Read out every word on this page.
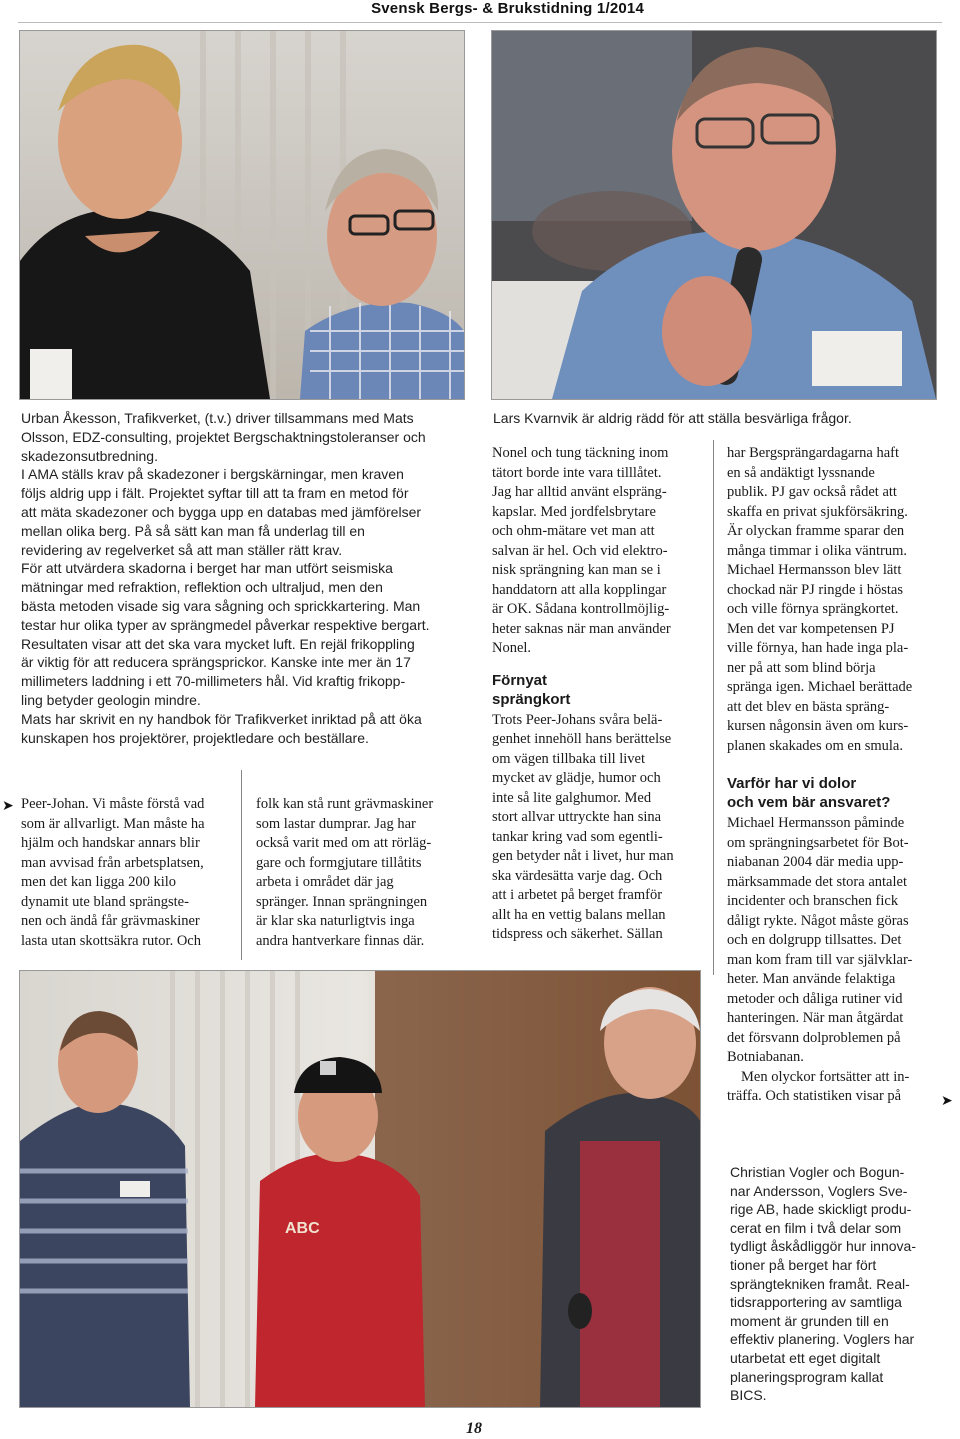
Svensk Bergs- & Brukstidning 1/2014

Urban Åkesson, Trafikverket, (t.v.) driver tillsammans med Mats

Olsson, EDZ-consulting, projektet Bergschaktningstoleranser och

skadezonsutbredning.

I AMA ställs krav på skadezoner i bergskärningar, men kraven

följs aldrig upp i fält. Projektet syftar till att ta fram en metod för

att mäta skadezoner och bygga upp en databas med jämförelser

mellan olika berg. På så sätt kan man få underlag till en

revidering av regelverket så att man ställer rätt krav.

För att utvärdera skadorna i berget har man utfört seismiska

mätningar med refraktion, reflektion och ultraljud, men den

bästa metoden visade sig vara sågning och sprickkartering. Man

testar hur olika typer av sprängmedel påverkar respektive bergart.

Resultaten visar att det ska vara mycket luft. En rejäl frikoppling

är viktig för att reducera sprängsprickor. Kanske inte mer än 17

millimeters laddning i ett 70-millimeters hål. Vid kraftig frikopp-

ling betyder geologin mindre.

Mats har skrivit en ny handbok för Trafikverket inriktad på att öka

kunskapen hos projektörer, projektledare och beställare.

Lars Kvarnvik är aldrig rädd för att ställa besvärliga frågor.

➤ Peer-Johan. Vi måste förstå vad

som är allvarligt. Man måste ha

hjälm och handskar annars blir

man avvisad från arbetsplatsen,

men det kan ligga 200 kilo

dynamit ute bland sprängste-

nen och ändå får grävmaskiner

lasta utan skottsäkra rutor. Och

folk kan stå runt grävmaskiner

som lastar dumprar. Jag har

också varit med om att rörläg-

gare och formgjutare tillåtits

arbeta i området där jag

spränger. Innan sprängningen

är klar ska naturligtvis inga

andra hantverkare finnas där.

Nonel och tung täckning inom

tätort borde inte vara tilllåtet.

Jag har alltid använt elspräng-

kapslar. Med jordfelsbrytare

och ohm-mätare vet man att

salvan är hel. Och vid elektro-

nisk sprängning kan man se i

handdatorn att alla kopplingar

är OK. Sådana kontrollmöjlig-

heter saknas när man använder

Nonel.

Förnyat
sprängkort

Trots Peer-Johans svåra belä-

genhet innehöll hans berättelse

om vägen tillbaka till livet

mycket av glädje, humor och

inte så lite galghumor. Med

stort allvar uttryckte han sina

tankar kring vad som egentli-

gen betyder nåt i livet, hur man

ska värdesätta varje dag. Och

att i arbetet på berget framför

allt ha en vettig balans mellan

tidspress och säkerhet. Sällan

har Bergsprängardagarna haft

en så andäktigt lyssnande

publik. PJ gav också rådet att

skaffa en privat sjukförsäkring.

Är olyckan framme sparar den

många timmar i olika väntrum.

Michael Hermansson blev lätt

chockad när PJ ringde i höstas

och ville förnya sprängkortet.

Men det var kompetensen PJ

ville förnya, han hade inga pla-

ner på att som blind börja

spränga igen. Michael berättade

att det blev en bästa spräng-

kursen någonsin även om kurs-

planen skakades om en smula.

Varför har vi dolor
och vem bär ansvaret?

Michael Hermansson påminde

om sprängningsarbetet för Bot-

niabanan 2004 där media upp-

märksammade det stora antalet

incidenter och branschen fick

dåligt rykte. Något måste göras

och en dolgrupp tillsattes. Det

man kom fram till var självklar-

heter. Man använde felaktiga

metoder och dåliga rutiner vid

hanteringen. När man åtgärdat

det försvann dolproblemen på

Botniabanan.

Men olyckor fortsätter att in-

träffa. Och statistiken visar på	➤
ABC

Christian Vogler och Bogun-

nar Andersson, Voglers Sve-

rige AB, hade skickligt produ-

cerat en film i två delar som

tydligt åskådliggör hur innova-

tioner på berget har fört

sprängtekniken framåt. Real-

tidsrapportering av samtliga

moment är grunden till en

effektiv planering. Voglers har

utarbetat ett eget digitalt

planeringsprogram kallat

BICS.

18
